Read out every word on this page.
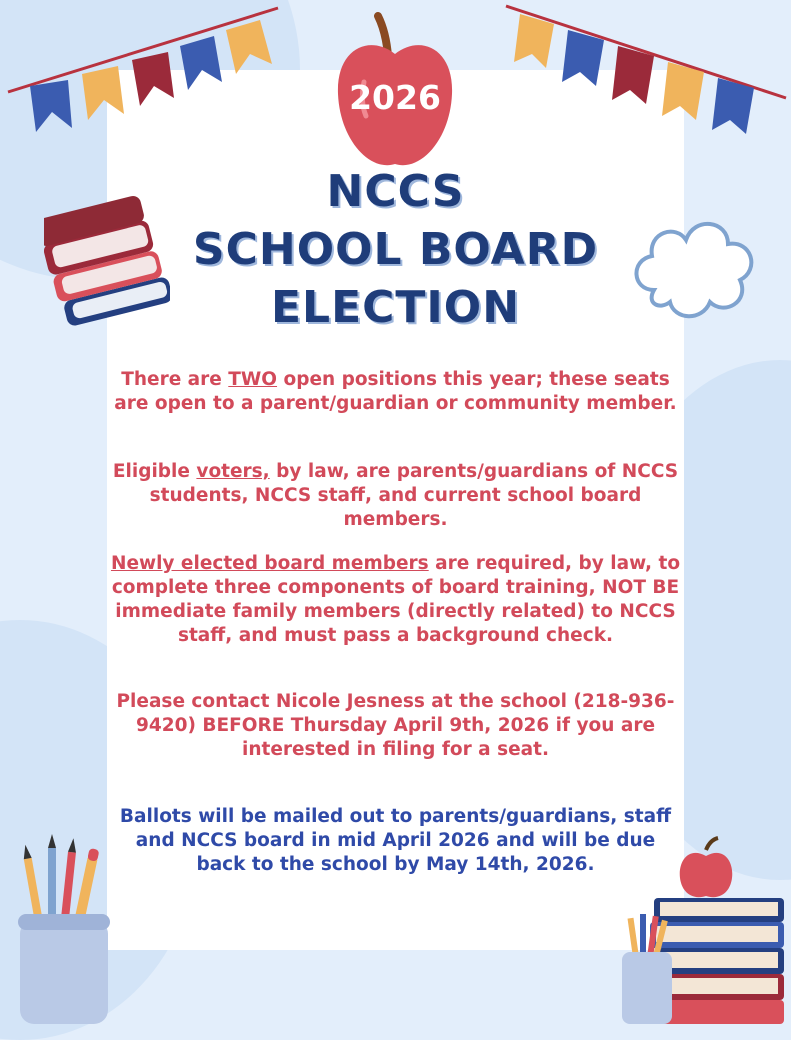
2026
NCCS
SCHOOL BOARD
ELECTION
There are TWO open positions this year; these seats are open to a parent/guardian or community member.
Eligible voters, by law, are parents/guardians of NCCS students, NCCS staff, and current school board members.
Newly elected board members are required, by law, to complete three components of board training, NOT BE immediate family members (directly related) to NCCS staff, and must pass a background check.
Please contact Nicole Jesness at the school (218-936-9420) BEFORE Thursday April 9th, 2026 if you are interested in filing for a seat.
Ballots will be mailed out to parents/guardians, staff and NCCS board in mid April 2026 and will be due back to the school by May 14th, 2026.
